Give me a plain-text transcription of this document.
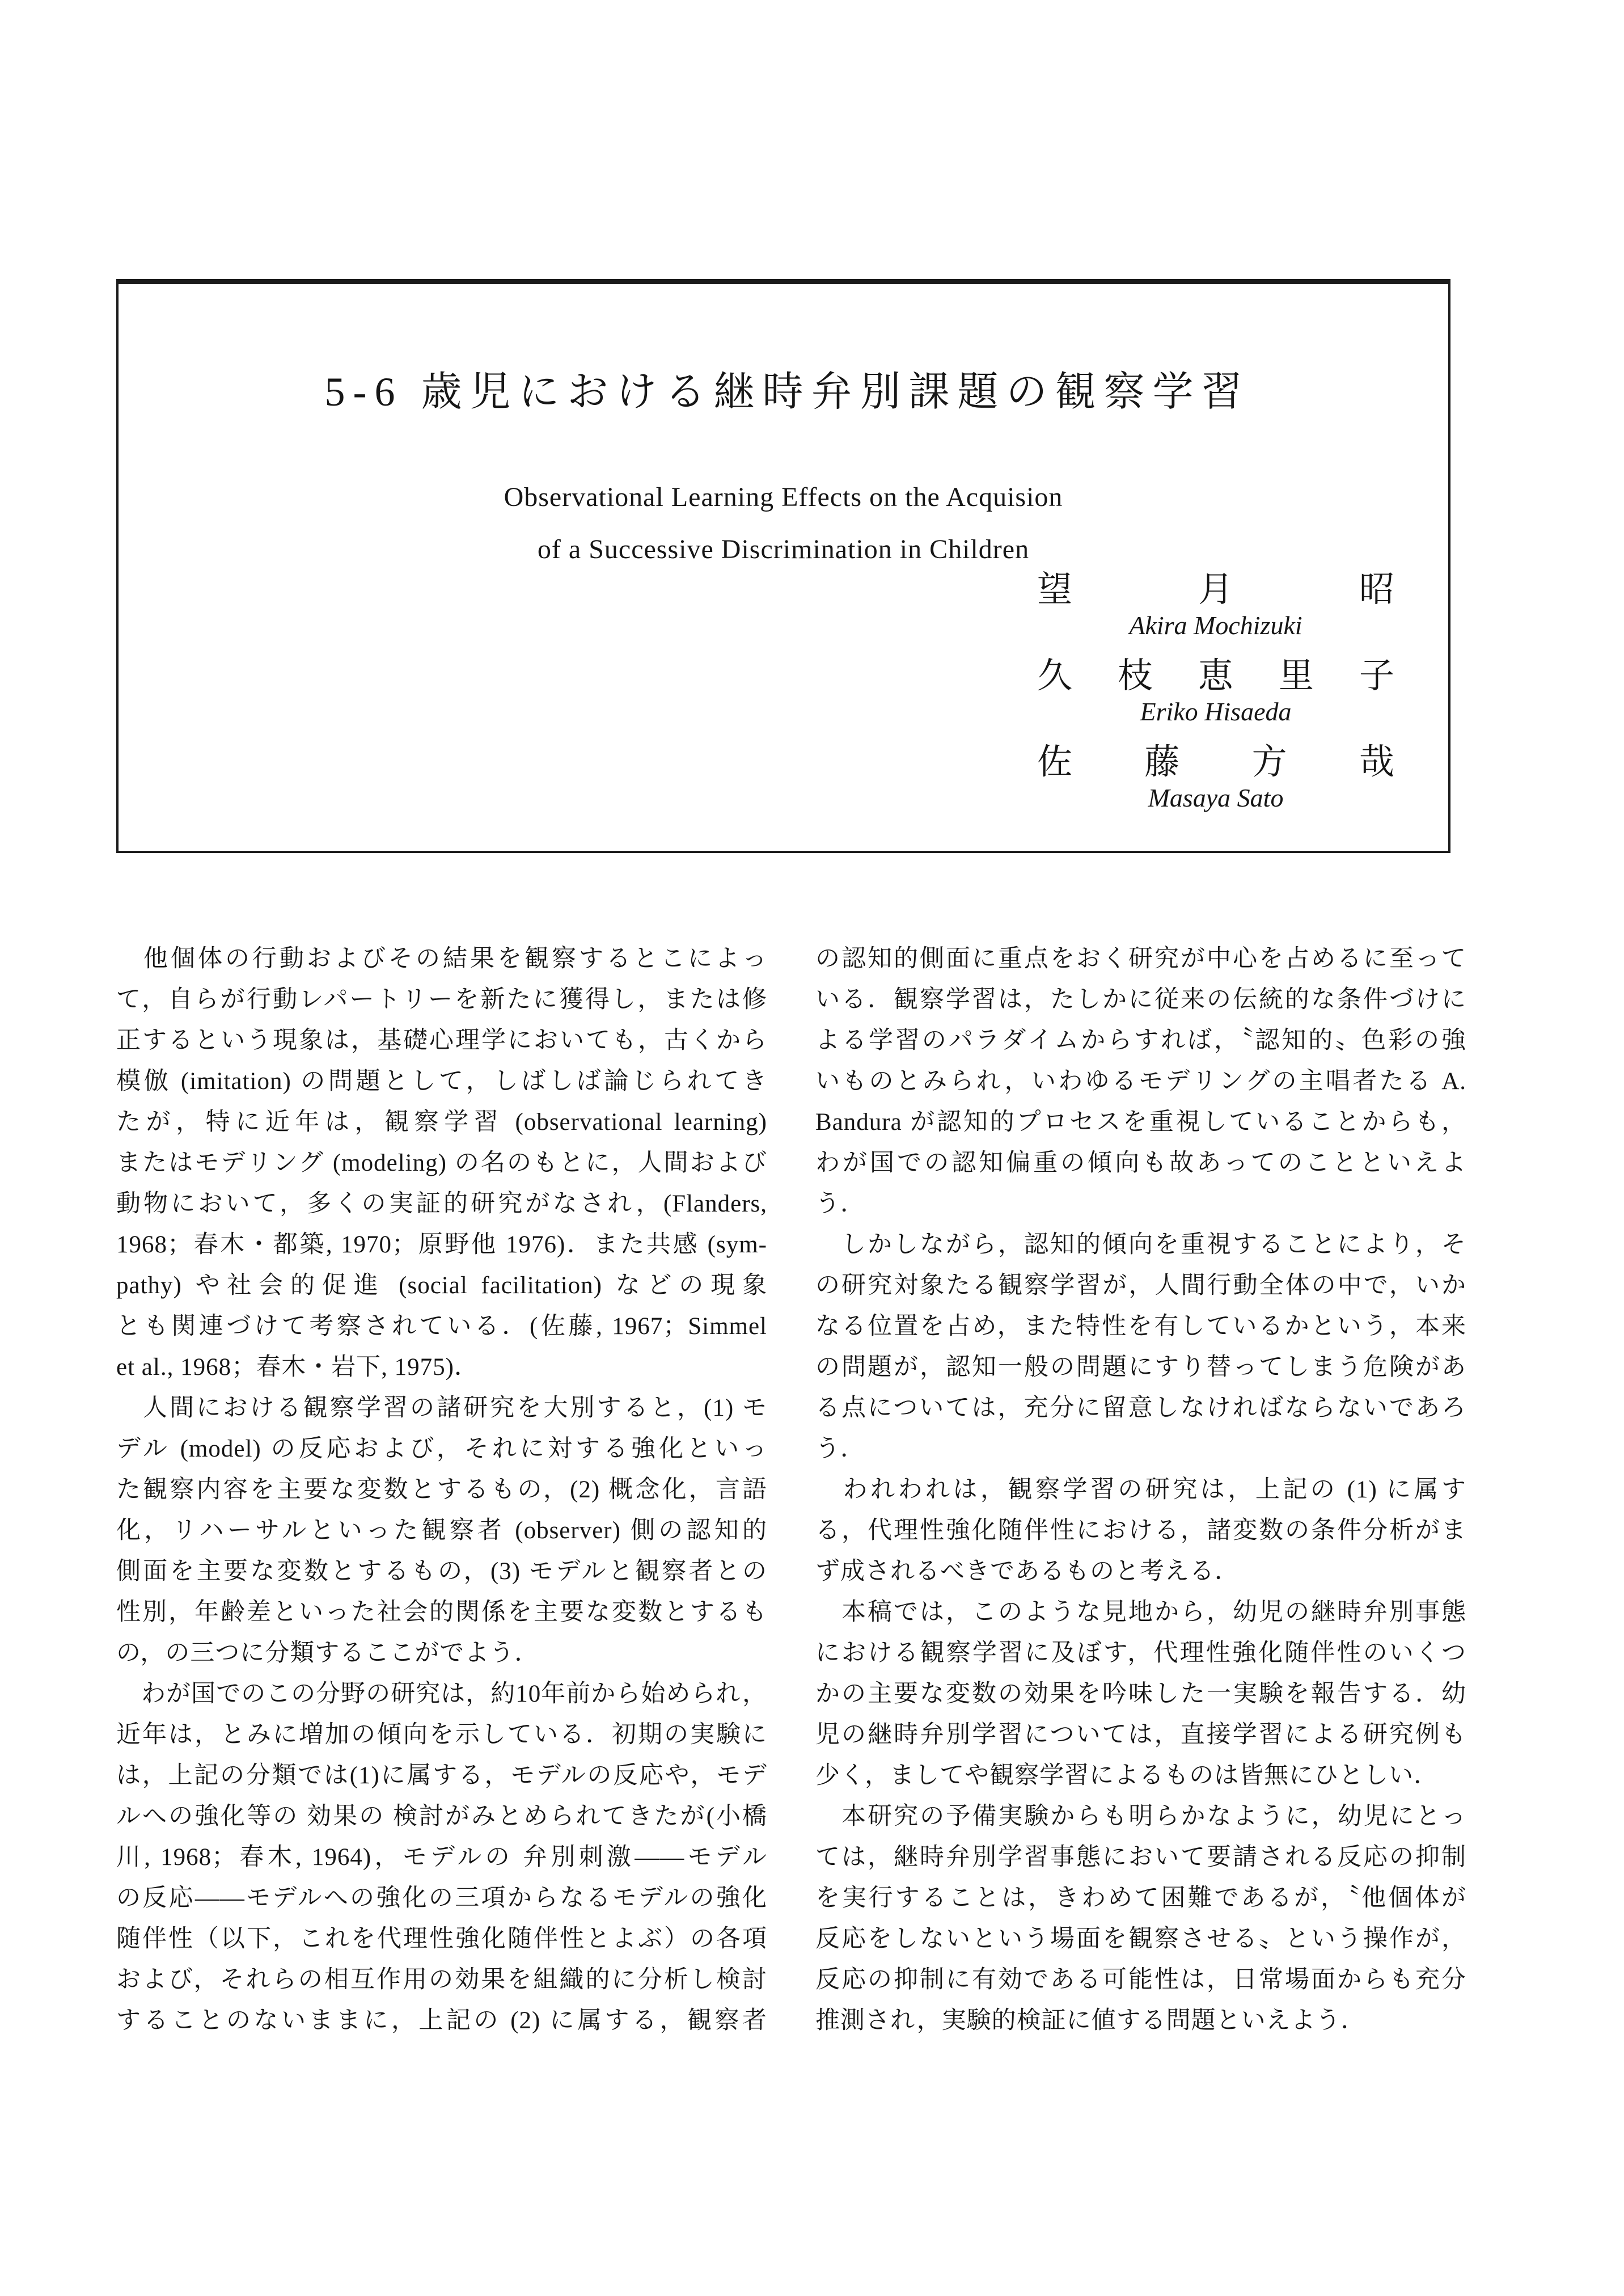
5-6 歳児における継時弁別課題の観察学習
Observational Learning Effects on the Acquision
of a Successive Discrimination in Children
望	月	昭
Akira Mochizuki
久 枝 恵 里 子
Eriko Hisaeda
佐 藤 方 哉
Masaya Sato
　他個体の行動およびその結果を観察するとこによっ
て，自らが行動レパートリーを新たに獲得し，または修
正するという現象は，基礎心理学においても，古くから
模倣 (imitation) の問題として，しばしば論じられてき
たが，特に近年は，観察学習 (observational learning)
またはモデリング (modeling) の名のもとに，人間および
動物において，多くの実証的研究がなされ，(Flanders,
1968；春木・都築, 1970；原野他 1976)．また共感 (sym-
pathy) や社会的促進 (social facilitation) などの現象
とも関連づけて考察されている．(佐藤, 1967；Simmel
et al., 1968；春木・岩下, 1975)．
　人間における観察学習の諸研究を大別すると，(1) モ
デル (model) の反応および，それに対する強化といっ
た観察内容を主要な変数とするもの，(2) 概念化，言語
化，リハーサルといった観察者 (observer) 側の認知的
側面を主要な変数とするもの，(3) モデルと観察者との
性別，年齢差といった社会的関係を主要な変数とするも
の，の三つに分類するここがでよう．
　わが国でのこの分野の研究は，約10年前から始められ，
近年は，とみに増加の傾向を示している．初期の実験に
は，上記の分類では(1)に属する，モデルの反応や，モデ
ルへの強化等の 効果の 検討がみとめられてきたが(小橋
川, 1968；春木, 1964)，モデルの 弁別刺激——モデル
の反応——モデルへの強化の三項からなるモデルの強化
随伴性（以下，これを代理性強化随伴性とよぶ）の各項
および，それらの相互作用の効果を組織的に分析し検討
することのないままに，上記の (2) に属する，観察者
の認知的側面に重点をおく研究が中心を占めるに至って
いる．観察学習は，たしかに従来の伝統的な条件づけに
よる学習のパラダイムからすれば，〝認知的〟色彩の強
いものとみられ，いわゆるモデリングの主唱者たる A.
Bandura が認知的プロセスを重視していることからも，
わが国での認知偏重の傾向も故あってのことといえよ
う．
　しかしながら，認知的傾向を重視することにより，そ
の研究対象たる観察学習が，人間行動全体の中で，いか
なる位置を占め，また特性を有しているかという，本来
の問題が，認知一般の問題にすり替ってしまう危険があ
る点については，充分に留意しなければならないであろ
う．
　われわれは，観察学習の研究は，上記の (1) に属す
る，代理性強化随伴性における，諸変数の条件分析がま
ず成されるべきであるものと考える．
　本稿では，このような見地から，幼児の継時弁別事態
における観察学習に及ぼす，代理性強化随伴性のいくつ
かの主要な変数の効果を吟味した一実験を報告する．幼
児の継時弁別学習については，直接学習による研究例も
少く，ましてや観察学習によるものは皆無にひとしい．
　本研究の予備実験からも明らかなように，幼児にとっ
ては，継時弁別学習事態において要請される反応の抑制
を実行することは，きわめて困難であるが，〝他個体が
反応をしないという場面を観察させる〟という操作が，
反応の抑制に有効である可能性は，日常場面からも充分
推測され，実験的検証に値する問題といえよう．
